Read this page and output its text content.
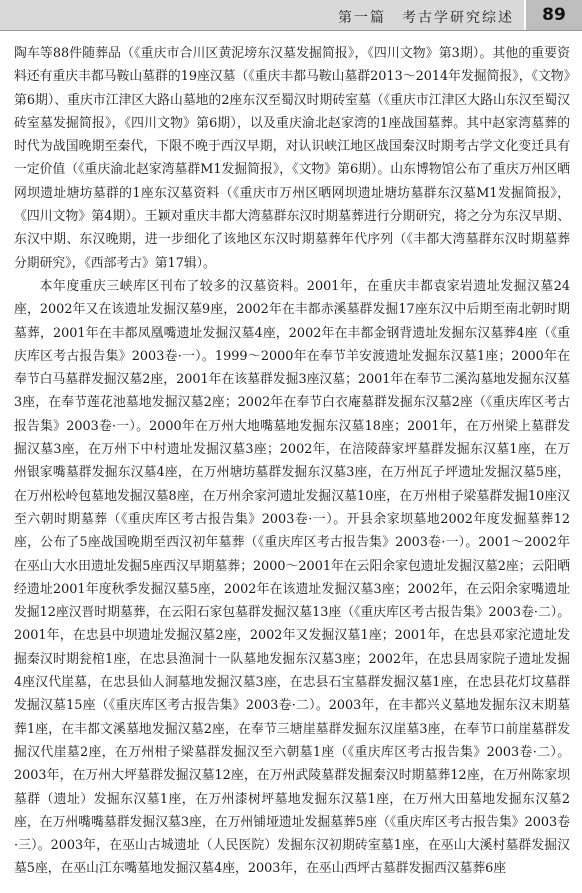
第一篇　考古学研究综述	89

陶车等88件随葬品（《重庆市合川区黄泥塝东汉墓发掘简报》，《四川文物》第3期）。其他的重要资料还有重庆丰都马鞍山墓群的19座汉墓（《重庆丰都马鞍山墓群2013～2014年发掘简报》，《文物》第6期）、重庆市江津区大路山墓地的2座东汉至蜀汉时期砖室墓（《重庆市江津区大路山东汉至蜀汉砖室墓发掘简报》，《四川文物》第6期），以及重庆渝北赵家湾的1座战国墓葬。其中赵家湾墓葬的时代为战国晚期至秦代，下限不晚于西汉早期，对认识峡江地区战国秦汉时期考古学文化变迁具有一定价值（《重庆渝北赵家湾墓群M1发掘简报》，《文物》第6期）。山东博物馆公布了重庆万州区晒网坝遗址塘坊墓群的1座东汉墓资料（《重庆市万州区晒网坝遗址塘坊墓群东汉墓M1发掘简报》，《四川文物》第4期）。王颖对重庆丰都大湾墓群东汉时期墓葬进行分期研究，将之分为东汉早期、东汉中期、东汉晚期，进一步细化了该地区东汉时期墓葬年代序列（《丰都大湾墓群东汉时期墓葬分期研究》，《西部考古》第17辑）。

本年度重庆三峡库区刊布了较多的汉墓资料。2001年，在重庆丰都袁家岩遗址发掘汉墓24座，2002年又在该遗址发掘汉墓9座，2002年在丰都赤溪墓群发掘17座东汉中后期至南北朝时期墓葬，2001年在丰都凤凰嘴遗址发掘汉墓4座，2002年在丰都金钢背遗址发掘东汉墓葬4座（《重庆库区考古报告集》2003卷·一）。1999～2000年在奉节羊安渡遗址发掘东汉墓1座；2000年在奉节白马墓群发掘汉墓2座，2001年在该墓群发掘3座汉墓；2001年在奉节二溪沟墓地发掘东汉墓3座，在奉节莲花池墓地发掘汉墓2座；2002年在奉节白衣庵墓群发掘东汉墓2座（《重庆库区考古报告集》2003卷·一）。2000年在万州大地嘴墓地发掘东汉墓18座；2001年，在万州梁上墓群发掘汉墓3座，在万州下中村遗址发掘汉墓3座；2002年，在涪陵薛家坪墓群发掘东汉墓1座，在万州银家嘴墓群发掘东汉墓4座，在万州塘坊墓群发掘东汉墓3座，在万州瓦子坪遗址发掘汉墓5座，在万州松岭包墓地发掘汉墓8座，在万州余家河遗址发掘汉墓10座，在万州柑子梁墓群发掘10座汉至六朝时期墓葬（《重庆库区考古报告集》2003卷·一）。开县余家坝墓地2002年度发掘墓葬12座，公布了5座战国晚期至西汉初年墓葬（《重庆库区考古报告集》2003卷·一）。2001～2002年在巫山大水田遗址发掘5座西汉早期墓葬；2000～2001年在云阳余家包遗址发掘汉墓2座；云阳晒经遗址2001年度秋季发掘汉墓5座，2002年在该遗址发掘汉墓3座；2002年，在云阳余家嘴遗址发掘12座汉晋时期墓葬，在云阳石家包墓群发掘汉墓13座（《重庆库区考古报告集》2003卷·二）。2001年，在忠县中坝遗址发掘汉墓2座，2002年又发掘汉墓1座；2001年，在忠县邓家沱遗址发掘秦汉时期瓮棺1座，在忠县渔洞十一队墓地发掘东汉墓3座；2002年，在忠县周家院子遗址发掘4座汉代崖墓，在忠县仙人洞墓地发掘汉墓3座，在忠县石宝墓群发掘汉墓1座，在忠县花灯坟墓群发掘汉墓15座（《重庆库区考古报告集》2003卷·二）。2003年，在丰都兴义墓地发掘东汉末期墓葬1座，在丰都文溪墓地发掘汉墓2座，在奉节三塘崖墓群发掘东汉崖墓3座，在奉节口前崖墓群发掘汉代崖墓2座，在万州柑子梁墓群发掘汉至六朝墓1座（《重庆库区考古报告集》2003卷·二）。2003年，在万州大坪墓群发掘汉墓12座，在万州武陵墓群发掘秦汉时期墓葬12座，在万州陈家坝墓群（遗址）发掘东汉墓1座，在万州漆树坪墓地发掘东汉墓1座，在万州大田墓地发掘东汉墓2座，在万州嘴嘴墓群发掘汉墓3座，在万州铺垭遗址发掘墓葬5座（《重庆库区考古报告集》2003卷·三）。2003年，在巫山古城遗址（人民医院）发掘东汉初期砖室墓1座，在巫山大溪村墓群发掘汉墓5座，在巫山江东嘴墓地发掘汉墓4座，2003年，在巫山西坪古墓群发掘西汉墓葬6座
